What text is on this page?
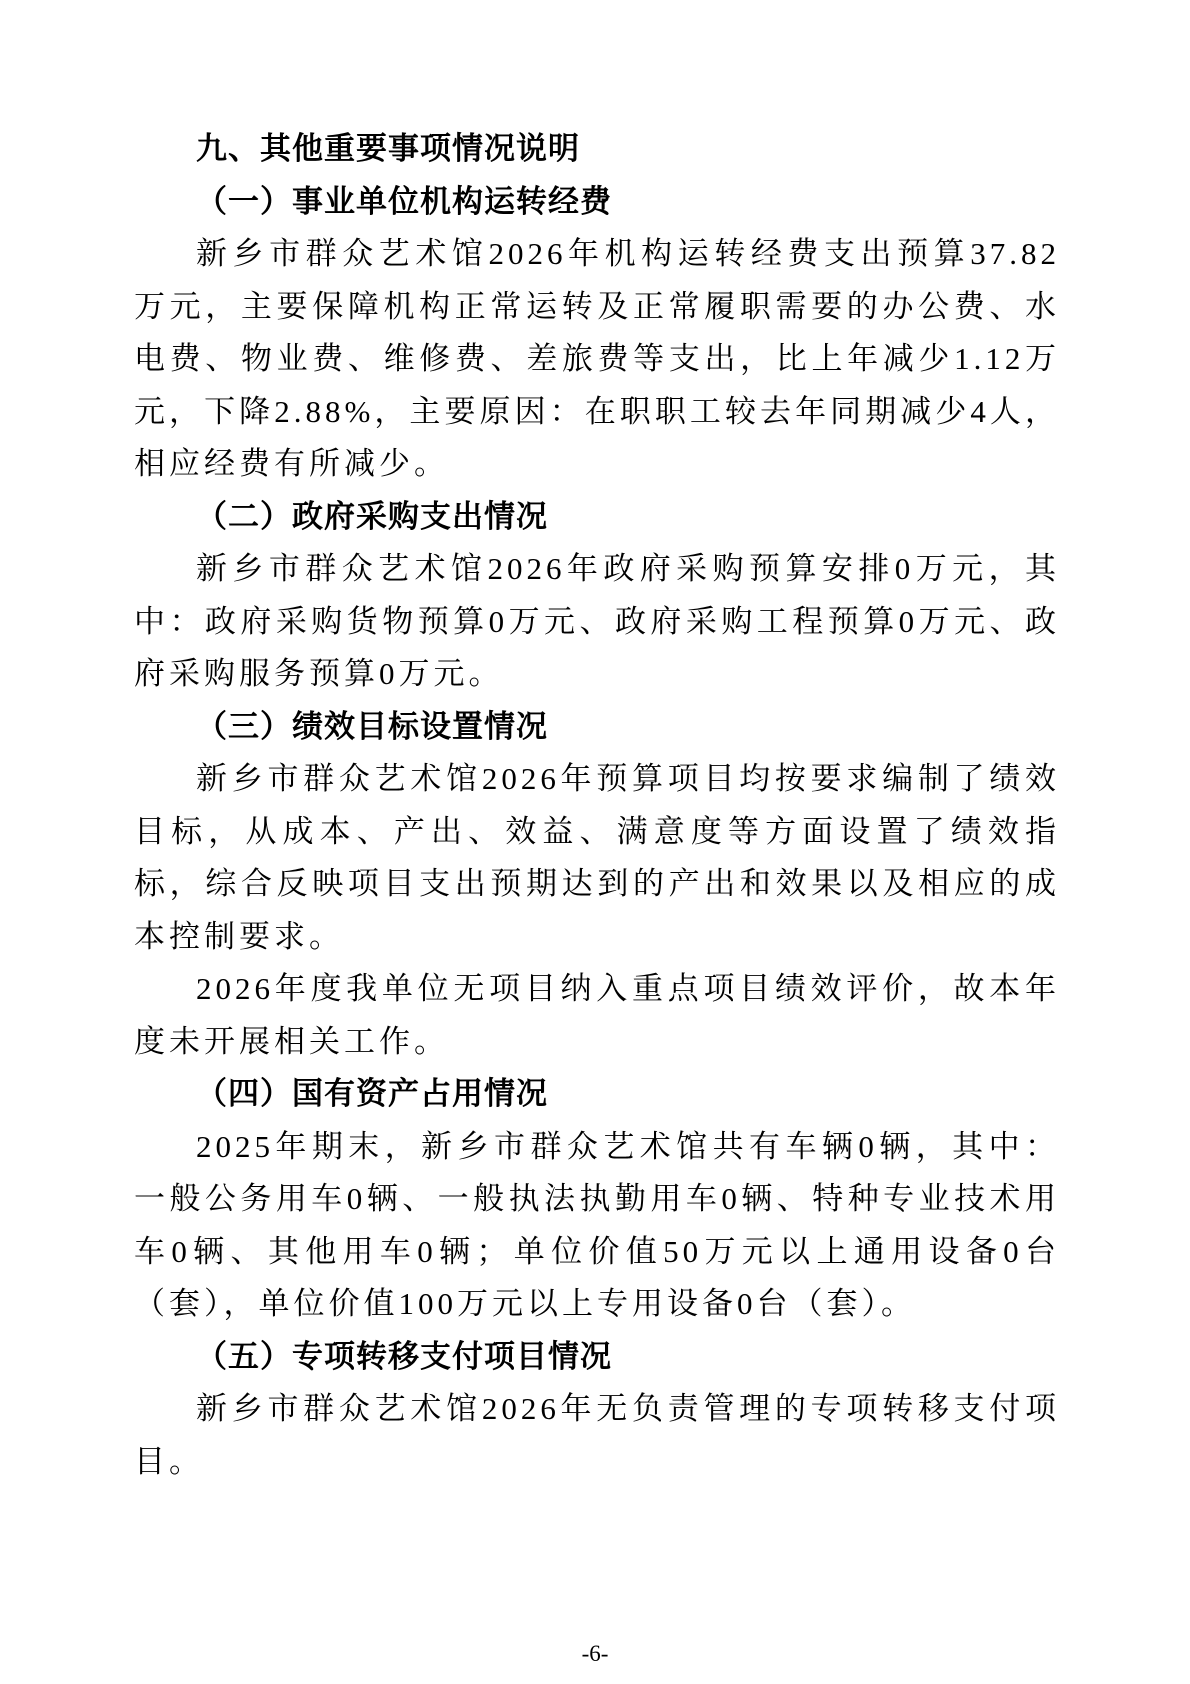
九、其他重要事项情况说明
（一）事业单位机构运转经费

新乡市群众艺术馆2026年机构运转经费支出预算37.82万元，主要保障机构正常运转及正常履职需要的办公费、水电费、物业费、维修费、差旅费等支出，比上年减少1.12万元，下降2.88%，主要原因：在职职工较去年同期减少4人，相应经费有所减少。

（二）政府采购支出情况

新乡市群众艺术馆2026年政府采购预算安排0万元，其中：政府采购货物预算0万元、政府采购工程预算0万元、政府采购服务预算0万元。

（三）绩效目标设置情况

新乡市群众艺术馆2026年预算项目均按要求编制了绩效目标，从成本、产出、效益、满意度等方面设置了绩效指标，综合反映项目支出预期达到的产出和效果以及相应的成本控制要求。

2026年度我单位无项目纳入重点项目绩效评价，故本年度未开展相关工作。

（四）国有资产占用情况

2025年期末，新乡市群众艺术馆共有车辆0辆，其中：一般公务用车0辆、一般执法执勤用车0辆、特种专业技术用车0辆、其他用车0辆；单位价值50万元以上通用设备0台（套），单位价值100万元以上专用设备0台（套）。

（五）专项转移支付项目情况

新乡市群众艺术馆2026年无负责管理的专项转移支付项目。

-6-
